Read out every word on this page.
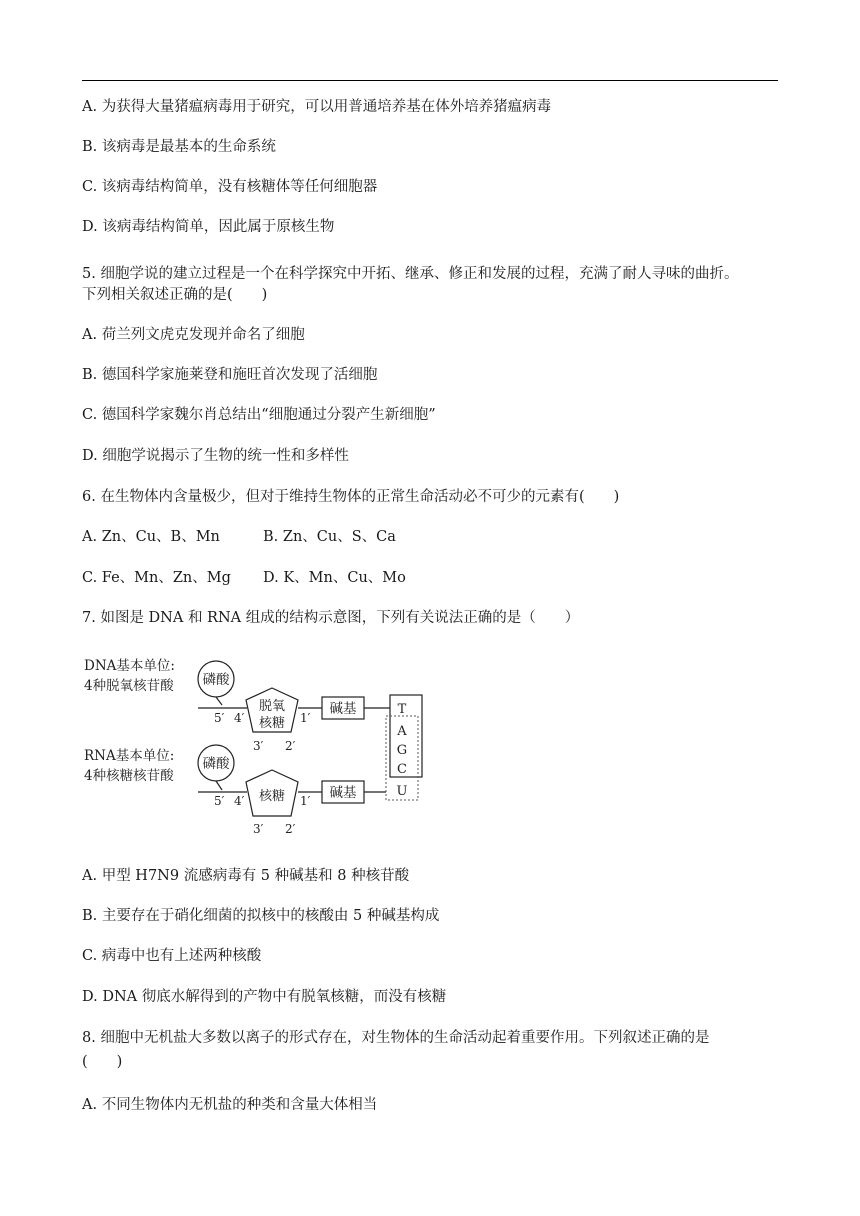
A. 为获得大量猪瘟病毒用于研究，可以用普通培养基在体外培养猪瘟病毒
B. 该病毒是最基本的生命系统
C. 该病毒结构简单，没有核糖体等任何细胞器
D. 该病毒结构简单，因此属于原核生物
5. 细胞学说的建立过程是一个在科学探究中开拓、继承、修正和发展的过程，充满了耐人寻味的曲折。
下列相关叙述正确的是(　　)
A. 荷兰列文虎克发现并命名了细胞
B. 德国科学家施莱登和施旺首次发现了活细胞
C. 德国科学家魏尔肖总结出“细胞通过分裂产生新细胞”
D. 细胞学说揭示了生物的统一性和多样性
6. 在生物体内含量极少，但对于维持生物体的正常生命活动必不可少的元素有(　　)
A. Zn、Cu、B、Mn	B. Zn、Cu、S、Ca
C. Fe、Mn、Zn、Mg D. K、Mn、Cu、Mo
7. 如图是 DNA 和 RNA 组成的结构示意图，下列有关说法正确的是（　　）
DNA基本单位:
4种脱氧核苷酸 磷酸
脱氧
核糖
5′ 4′	1′
3′ 2′
碱基	T
A
G
C
U
RNA基本单位:
4种核糖核苷酸
磷酸
核糖
5′ 4′	1′
3′ 2′
碱基
A. 甲型 H7N9 流感病毒有 5 种碱基和 8 种核苷酸
B. 主要存在于硝化细菌的拟核中的核酸由 5 种碱基构成
C. 病毒中也有上述两种核酸
D. DNA 彻底水解得到的产物中有脱氧核糖，而没有核糖
8. 细胞中无机盐大多数以离子的形式存在，对生物体的生命活动起着重要作用。下列叙述正确的是
(　　)
A. 不同生物体内无机盐的种类和含量大体相当
